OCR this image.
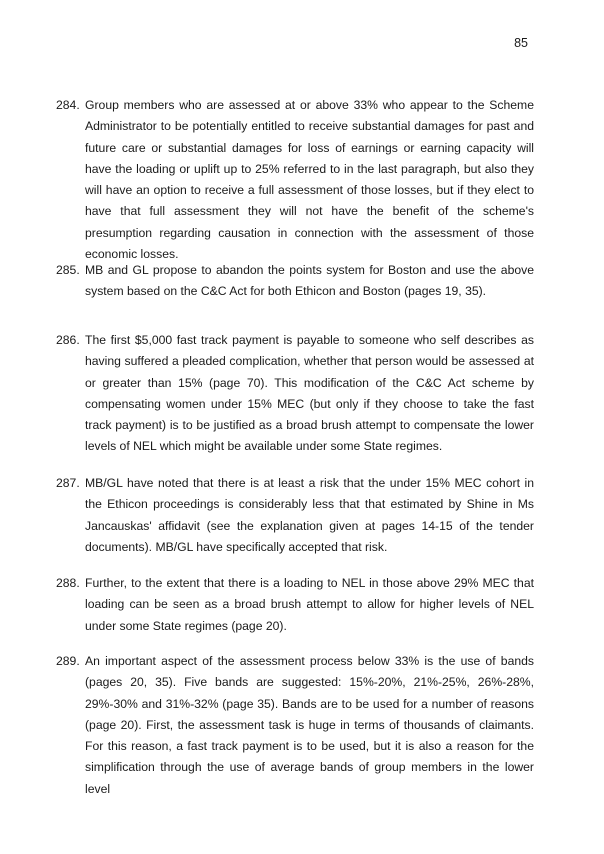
85
284. Group members who are assessed at or above 33% who appear to the Scheme Administrator to be potentially entitled to receive substantial damages for past and future care or substantial damages for loss of earnings or earning capacity will have the loading or uplift up to 25% referred to in the last paragraph, but also they will have an option to receive a full assessment of those losses, but if they elect to have that full assessment they will not have the benefit of the scheme's presumption regarding causation in connection with the assessment of those economic losses.
285. MB and GL propose to abandon the points system for Boston and use the above system based on the C&C Act for both Ethicon and Boston (pages 19, 35).
286. The first $5,000 fast track payment is payable to someone who self describes as having suffered a pleaded complication, whether that person would be assessed at or greater than 15% (page 70). This modification of the C&C Act scheme by compensating women under 15% MEC (but only if they choose to take the fast track payment) is to be justified as a broad brush attempt to compensate the lower levels of NEL which might be available under some State regimes.
287. MB/GL have noted that there is at least a risk that the under 15% MEC cohort in the Ethicon proceedings is considerably less that that estimated by Shine in Ms Jancauskas' affidavit (see the explanation given at pages 14-15 of the tender documents). MB/GL have specifically accepted that risk.
288. Further, to the extent that there is a loading to NEL in those above 29% MEC that loading can be seen as a broad brush attempt to allow for higher levels of NEL under some State regimes (page 20).
289. An important aspect of the assessment process below 33% is the use of bands (pages 20, 35). Five bands are suggested: 15%-20%, 21%-25%, 26%-28%, 29%-30% and 31%-32% (page 35). Bands are to be used for a number of reasons (page 20). First, the assessment task is huge in terms of thousands of claimants. For this reason, a fast track payment is to be used, but it is also a reason for the simplification through the use of average bands of group members in the lower level
